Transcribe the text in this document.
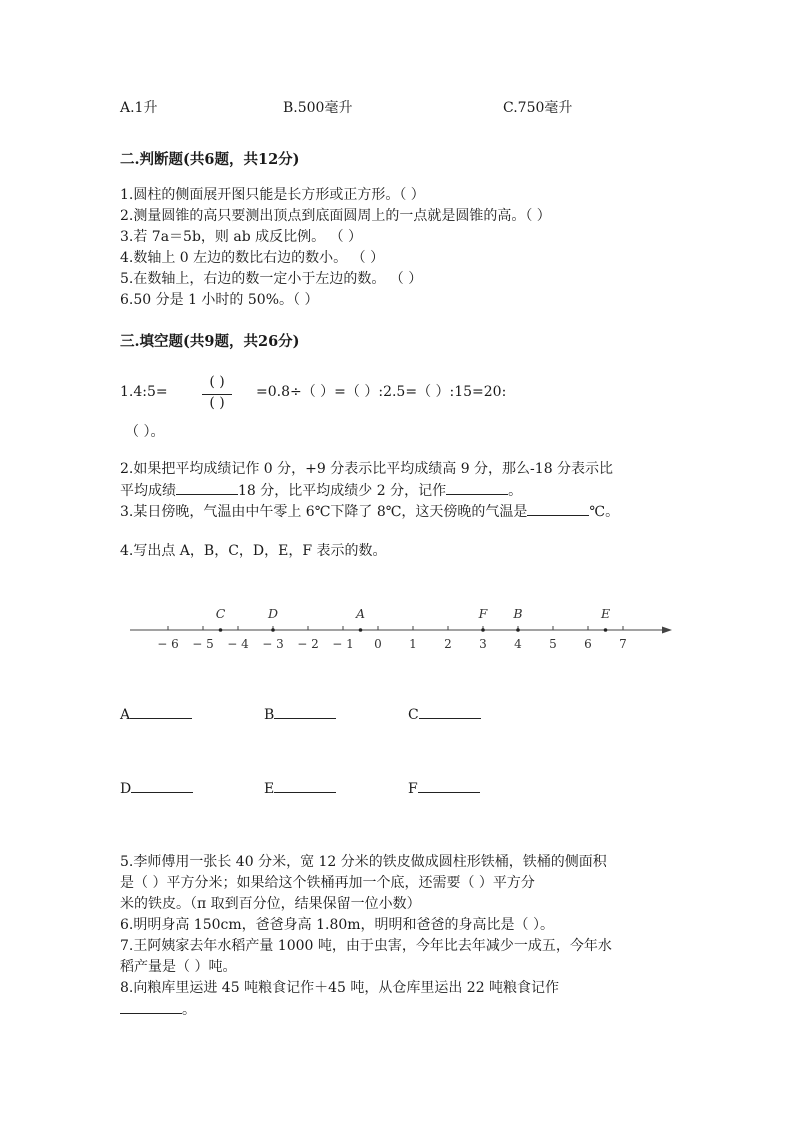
A.1升	B.500毫升	C.750毫升
二.判断题(共6题，共12分)
1.圆柱的侧面展开图只能是长方形或正方形。（ ）
2.测量圆锥的高只要测出顶点到底面圆周上的一点就是圆锥的高。（ ）
3.若 7a＝5b，则 ab 成反比例。 （ ）
4.数轴上 0 左边的数比右边的数小。 （ ）
5.在数轴上，右边的数一定小于左边的数。 （ ）
6.50 分是 1 小时的 50%。（ ）
三.填空题(共9题，共26分)
1.4:5=
( )
( )
=0.8÷（ ）=（ ）:2.5=（ ）:15=20:
（ ）。
2.如果把平均成绩记作 0 分，+9 分表示比平均成绩高 9 分，那么-18 分表示比
平均成绩	18 分，比平均成绩少 2 分，记作	。
3.某日傍晚，气温由中午零上 6℃下降了 8℃，这天傍晚的气温是	℃。
4.写出点 A，B，C，D，E，F 表示的数。
− 6 − 5 − 4 − 3 − 2 − 1 0 1 2 3 4 5 6 7
C	D	A	F B	E
A	B	C
D	E	F
5.李师傅用一张长 40 分米，宽 12 分米的铁皮做成圆柱形铁桶，铁桶的侧面积
是（ ）平方分米；如果给这个铁桶再加一个底，还需要（ ）平方分
米的铁皮。（π 取到百分位，结果保留一位小数）
6.明明身高 150cm，爸爸身高 1.80m，明明和爸爸的身高比是（ ）。
7.王阿姨家去年水稻产量 1000 吨，由于虫害，今年比去年减少一成五，今年水
稻产量是（ ）吨。
8.向粮库里运进 45 吨粮食记作＋45 吨，从仓库里运出 22 吨粮食记作
。
